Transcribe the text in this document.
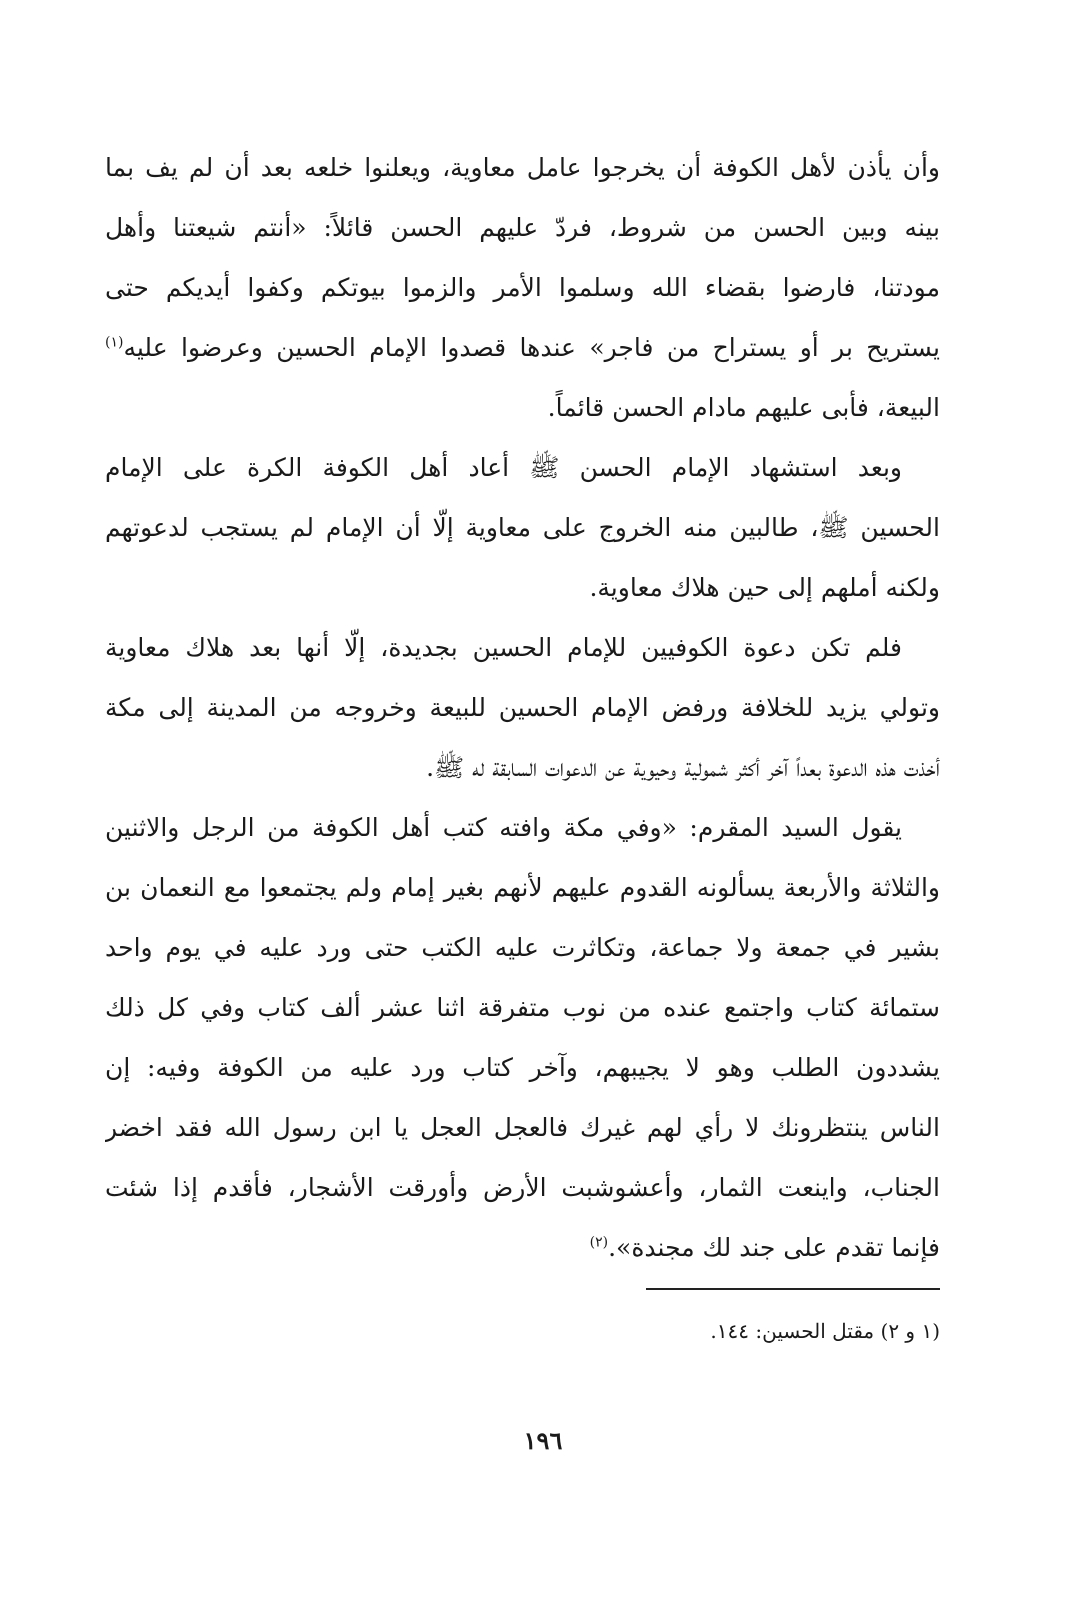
وأن يأذن لأهل الكوفة أن يخرجوا عامل معاوية، ويعلنوا خلعه بعد أن لم يف بما
بينه وبين الحسن من شروط، فردّ عليهم الحسن قائلاً: «أنتم شيعتنا وأهل
مودتنا، فارضوا بقضاء الله وسلموا الأمر والزموا بيوتكم وكفوا أيديكم حتى
يستريح بر أو يستراح من فاجر» عندها قصدوا الإمام الحسين وعرضوا عليه$^{(١)}$
البيعة، فأبى عليهم مادام الحسن قائماً.

وبعد استشهاد الإمام الحسن ﷺ أعاد أهل الكوفة الكرة على الإمام
الحسين ﷺ، طالبين منه الخروج على معاوية إلّا أن الإمام لم يستجب لدعوتهم
ولكنه أملهم إلى حين هلاك معاوية.

فلم تكن دعوة الكوفيين للإمام الحسين بجديدة، إلّا أنها بعد هلاك معاوية
وتولي يزيد للخلافة ورفض الإمام الحسين للبيعة وخروجه من المدينة إلى مكة
أخذت هذه الدعوة بعداً آخر أكثر شمولية وحيوية عن الدعوات السابقة له ﷺ.

يقول السيد المقرم: «وفي مكة وافته كتب أهل الكوفة من الرجل والاثنين
والثلاثة والأربعة يسألونه القدوم عليهم لأنهم بغير إمام ولم يجتمعوا مع النعمان بن
بشير في جمعة ولا جماعة، وتكاثرت عليه الكتب حتى ورد عليه في يوم واحد
ستمائة كتاب واجتمع عنده من نوب متفرقة اثنا عشر ألف كتاب وفي كل ذلك
يشددون الطلب وهو لا يجيبهم، وآخر كتاب ورد عليه من الكوفة وفيه: إن
الناس ينتظرونك لا رأي لهم غيرك فالعجل العجل يا ابن رسول الله فقد اخضر
الجناب، واينعت الثمار، وأعشوشبت الأرض وأورقت الأشجار، فأقدم إذا شئت
فإنما تقدم على جند لك مجندة».$^{(٢)}$

(١ و ٢) مقتل الحسين: ١٤٤.
١٩٦
